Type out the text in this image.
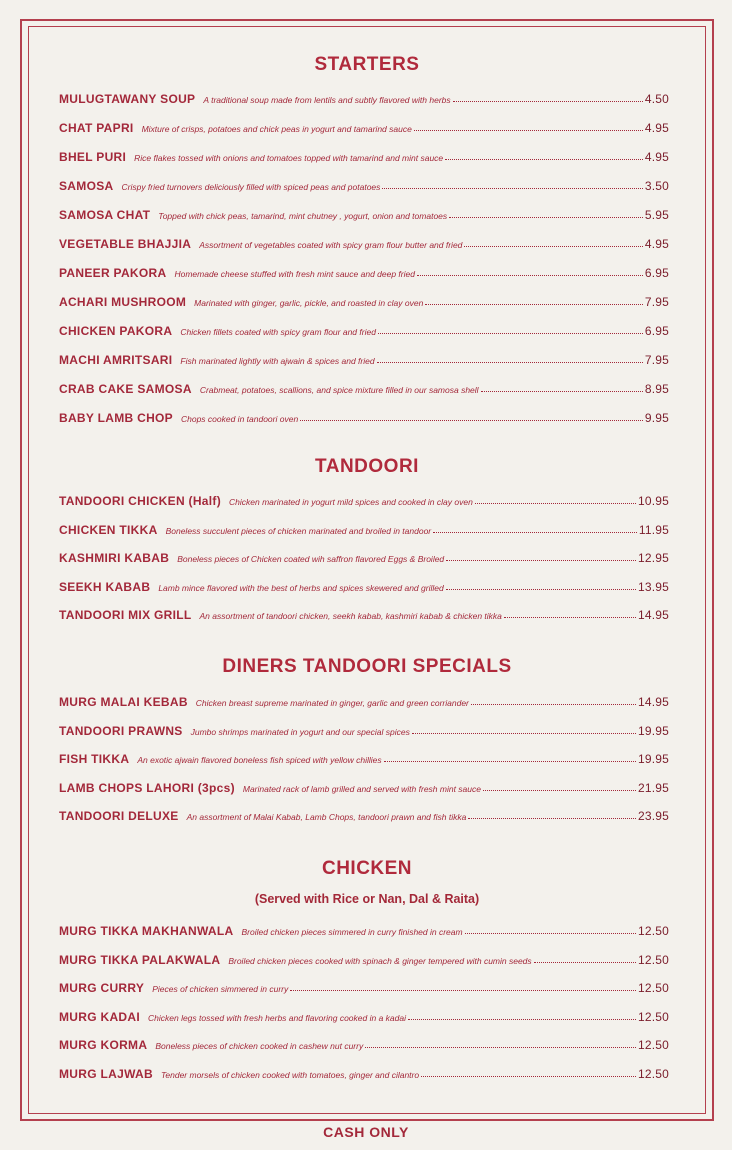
STARTERS
MULUGTAWANY SOUP A traditional soup made from lentils and subtly flavored with herbs	4.50
CHAT PAPRI Mixture of crisps, potatoes and chick peas in yogurt and tamarind sauce	4.95
BHEL PURI Rice flakes tossed with onions and tomatoes topped with tamarind and mint sauce	4.95
SAMOSA Crispy fried turnovers deliciously filled with spiced peas and potatoes	3.50
SAMOSA CHAT Topped with chick peas, tamarind, mint chutney , yogurt, onion and tomatoes	5.95
VEGETABLE BHAJJIA Assortment of vegetables coated with spicy gram flour butter and fried	4.95
PANEER PAKORA Homemade cheese stuffed with fresh mint sauce and deep fried	6.95
ACHARI MUSHROOM Marinated with ginger, garlic, pickle, and roasted in clay oven	7.95
CHICKEN PAKORA Chicken fillets coated with spicy gram flour and fried	6.95
MACHI AMRITSARI Fish marinated lightly with ajwain & spices and fried	7.95
CRAB CAKE SAMOSA Crabmeat, potatoes, scallions, and spice mixture filled in our samosa shell	8.95
BABY LAMB CHOP Chops cooked in tandoori oven	9.95
TANDOORI
TANDOORI CHICKEN (Half) Chicken marinated in yogurt mild spices and cooked in clay oven	10.95
CHICKEN TIKKA Boneless succulent pieces of chicken marinated and broiled in tandoor	11.95
KASHMIRI KABAB Boneless pieces of Chicken coated wih saffron flavored Eggs & Broiled	12.95
SEEKH KABAB Lamb mince flavored with the best of herbs and spices skewered and grilled	13.95
TANDOORI MIX GRILL An assortment of tandoori chicken, seekh kabab, kashmiri kabab & chicken tikka	14.95
DINERS TANDOORI SPECIALS
MURG MALAI KEBAB Chicken breast supreme marinated in ginger, garlic and green corriander	14.95
TANDOORI PRAWNS Jumbo shrimps marinated in yogurt and our special spices	19.95
FISH TIKKA An exotic ajwain flavored boneless fish spiced with yellow chillies	19.95
LAMB CHOPS LAHORI (3pcs) Marinated rack of lamb grilled and served with fresh mint sauce	21.95
TANDOORI DELUXE An assortment of Malai Kabab, Lamb Chops, tandoori prawn and fish tikka	23.95
CHICKEN
(Served with Rice or Nan, Dal & Raita)
MURG TIKKA MAKHANWALA Broiled chicken pieces simmered in curry finished in cream	12.50
MURG TIKKA PALAKWALA Broiled chicken pieces cooked with spinach & ginger tempered with cumin seeds	12.50
MURG CURRY Pieces of chicken simmered in curry	12.50
MURG KADAI Chicken legs tossed with fresh herbs and flavoring cooked in a kadai	12.50
MURG KORMA Boneless pieces of chicken cooked in cashew nut curry	12.50
MURG LAJWAB Tender morsels of chicken cooked with tomatoes, ginger and cilantro	12.50
CASH ONLY
